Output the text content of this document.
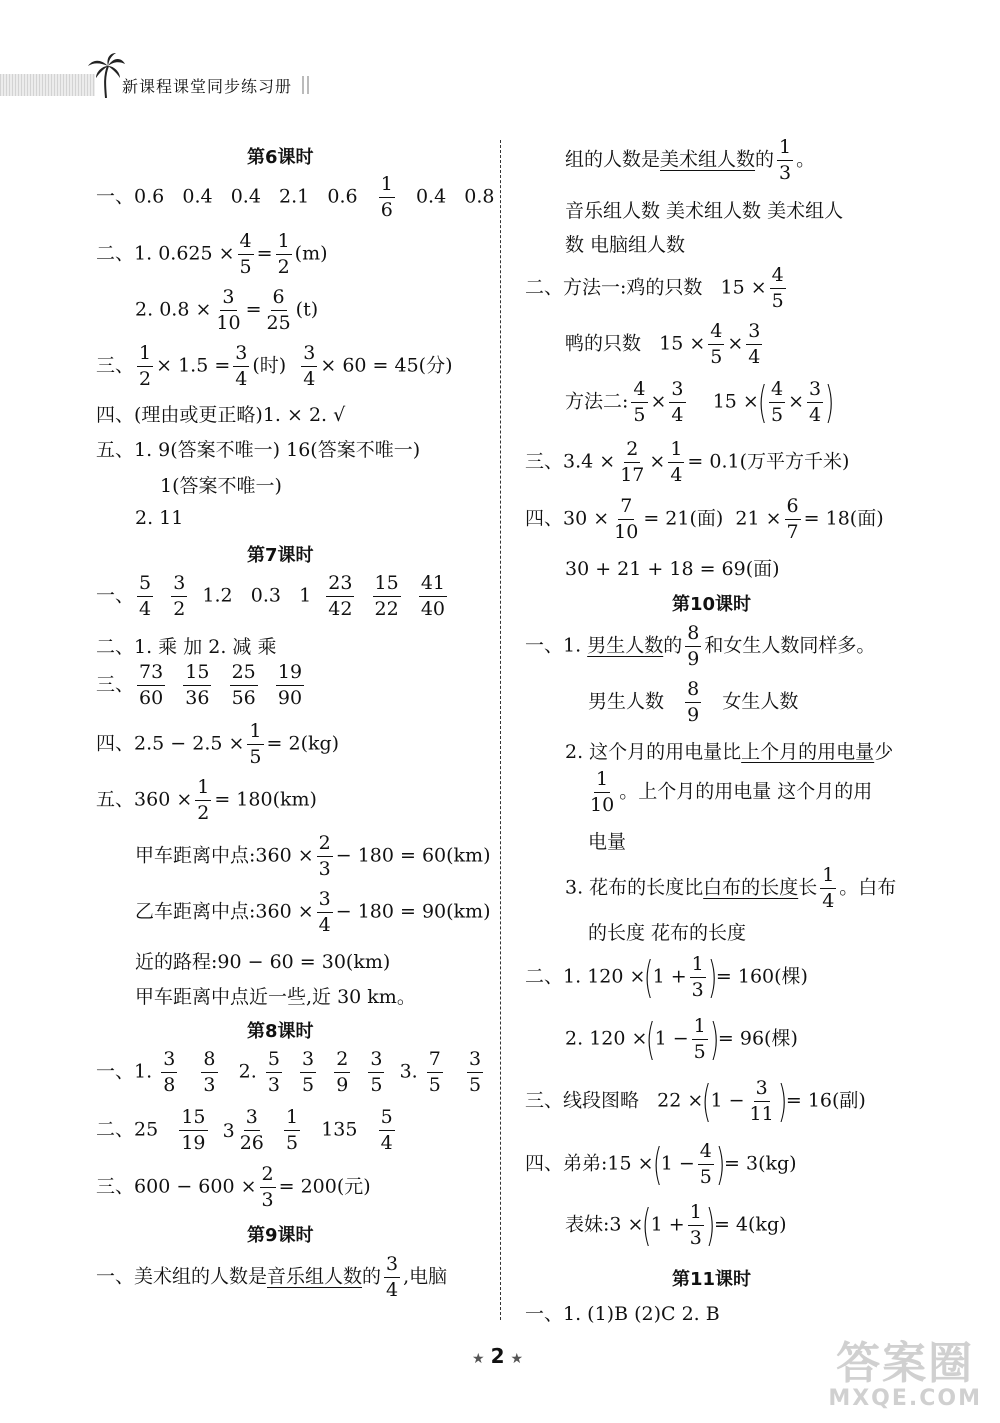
新课程课堂同步练习册
第6课时
一、0.6 0.4 0.4 2.1 $0.6 \frac{1}{6} 0.4$ 0.8
二、1. $0.625 \times \frac{4}{5} = \frac{1}{2} (m)$
2. $0.8 \times \frac{3}{10} = \frac{6}{25} (t)$
三、 $\frac{1}{2} \times 1.5 = \frac{3}{4}$ (时) $\frac{3}{4} \times 60 = 45$(分)
四、(理由或更正略)1. × 2. √
五、1. 9(答案不唯一) 16(答案不唯一)
1(答案不唯一)
2. 11
第7课时
一、 $\frac{5}{4}$
$\frac{3}{2} 1.2$ 0.3 $1 \frac{23}{42}$
$\frac{15}{22}$
$\frac{41}{40}$
二、1. 乘 加 2. 减 乘
三、 $\frac{73}{60}$
$\frac{15}{36}$
$\frac{25}{56}$
$\frac{19}{90}$
四、$2.5 - 2.5 \times \frac{1}{5} = 2(kg)$
五、$360 \times \frac{1}{2} = 180(km)$
甲车距离中点:360 × $\frac{2}{3} - 180 = 60(km)$
乙车距离中点:360 × $\frac{3}{4} - 180 = 90(km)$
近的路程:90 − 60 = 30(km)
甲车距离中点近一些,近 30 km。
第8课时
一、1. $\frac{3}{8}$
$\frac{8}{3} 2$. $\frac{5}{3}$
$\frac{3}{5}$
$\frac{2}{9}$
$\frac{3}{5} 3$. $\frac{7}{5}$
$\frac{3}{5}$
二、$25 \frac{15}{19}$
$3 \frac{3}{26}$
$\frac{1}{5} 135 \frac{5}{4}$
三、$600 - 600 \times \frac{2}{3} = 200$(元)
第9课时
一、美术组的人数是音乐组人数的 $\frac{3}{4}$ ,电脑
组的人数是美术组人数的 $\frac{1}{3}$ 。
音乐组人数 美术组人数 美术组人
数 电脑组人数
二、方法一:鸡的只数 $15 \times \frac{4}{5}$
鸭的只数 $15 \times \frac{4}{5} \times \frac{3}{4}$
方法二: $\frac{4}{5} \times \frac{3}{4} 15$ ×( $\frac{4}{5} \times \frac{3}{4}$ )
三、$3.4 \times \frac{2}{17} \times \frac{1}{4} = 0.1$(万平方千米)
四、$30 \times \frac{7}{10} = 21$(面) $21 \times \frac{6}{7} = 18$(面)
30 + 21 + 18 = 69(面)
第10课时
一、1. 男生人数的 $\frac{8}{9}$ 和女生人数同样多。
男生人数 $\frac{8}{9}$ 女生人数
2. 这个月的用电量比上个月的用电量少
$\frac{1}{10}$ 。上个月的用电量 这个月的用
电量
3. 花布的长度比白布的长度长 $\frac{1}{4}$ 。白布
的长度 花布的长度
二、1. $120 \times(1 + \frac{1}{3}$ )= 160(棵)
2. $120 \times(1 - \frac{1}{5}$ )= 96(棵)
三、线段图略 $22 \times(1 - \frac{3}{11}$ )= 16(副)
四、弟弟:15 $\times(1 - \frac{4}{5}$ )= 3(kg)
表妹:3 $\times(1 + \frac{1}{3}$ )= 4(kg)
第11课时
一、1. (1)B (2)C 2. B
★ 2 ★	答案圈
MXQE.COM
